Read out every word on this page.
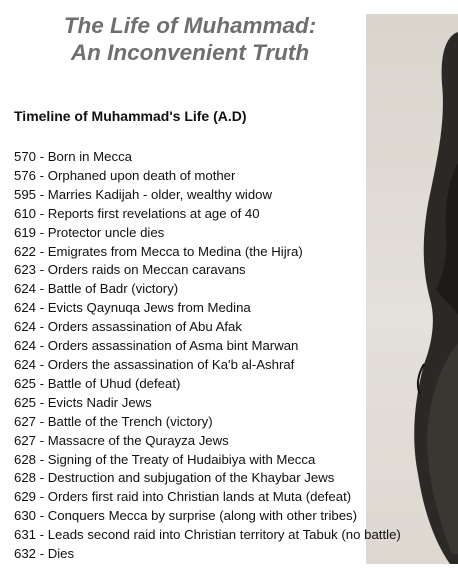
The Life of Muhammad:
An Inconvenient Truth
Timeline of Muhammad's Life (A.D)
570 - Born in Mecca
576 - Orphaned upon death of mother
595 - Marries Kadijah - older, wealthy widow
610 - Reports first revelations at age of 40
619 - Protector uncle dies
622 - Emigrates from Mecca to Medina (the Hijra)
623 - Orders raids on Meccan caravans
624 - Battle of Badr (victory)
624 - Evicts Qaynuqa Jews from Medina
624 - Orders assassination of Abu Afak
624 - Orders assassination of Asma bint Marwan
624 - Orders the assassination of Ka'b al-Ashraf
625 - Battle of Uhud (defeat)
625 - Evicts Nadir Jews
627 - Battle of the Trench (victory)
627 - Massacre of the Qurayza Jews
628 - Signing of the Treaty of Hudaibiya with Mecca
628 - Destruction and subjugation of the Khaybar Jews
629 - Orders first raid into Christian lands at Muta (defeat)
630 - Conquers Mecca by surprise (along with other tribes)
631 - Leads second raid into Christian territory at Tabuk (no battle)
632 - Dies
